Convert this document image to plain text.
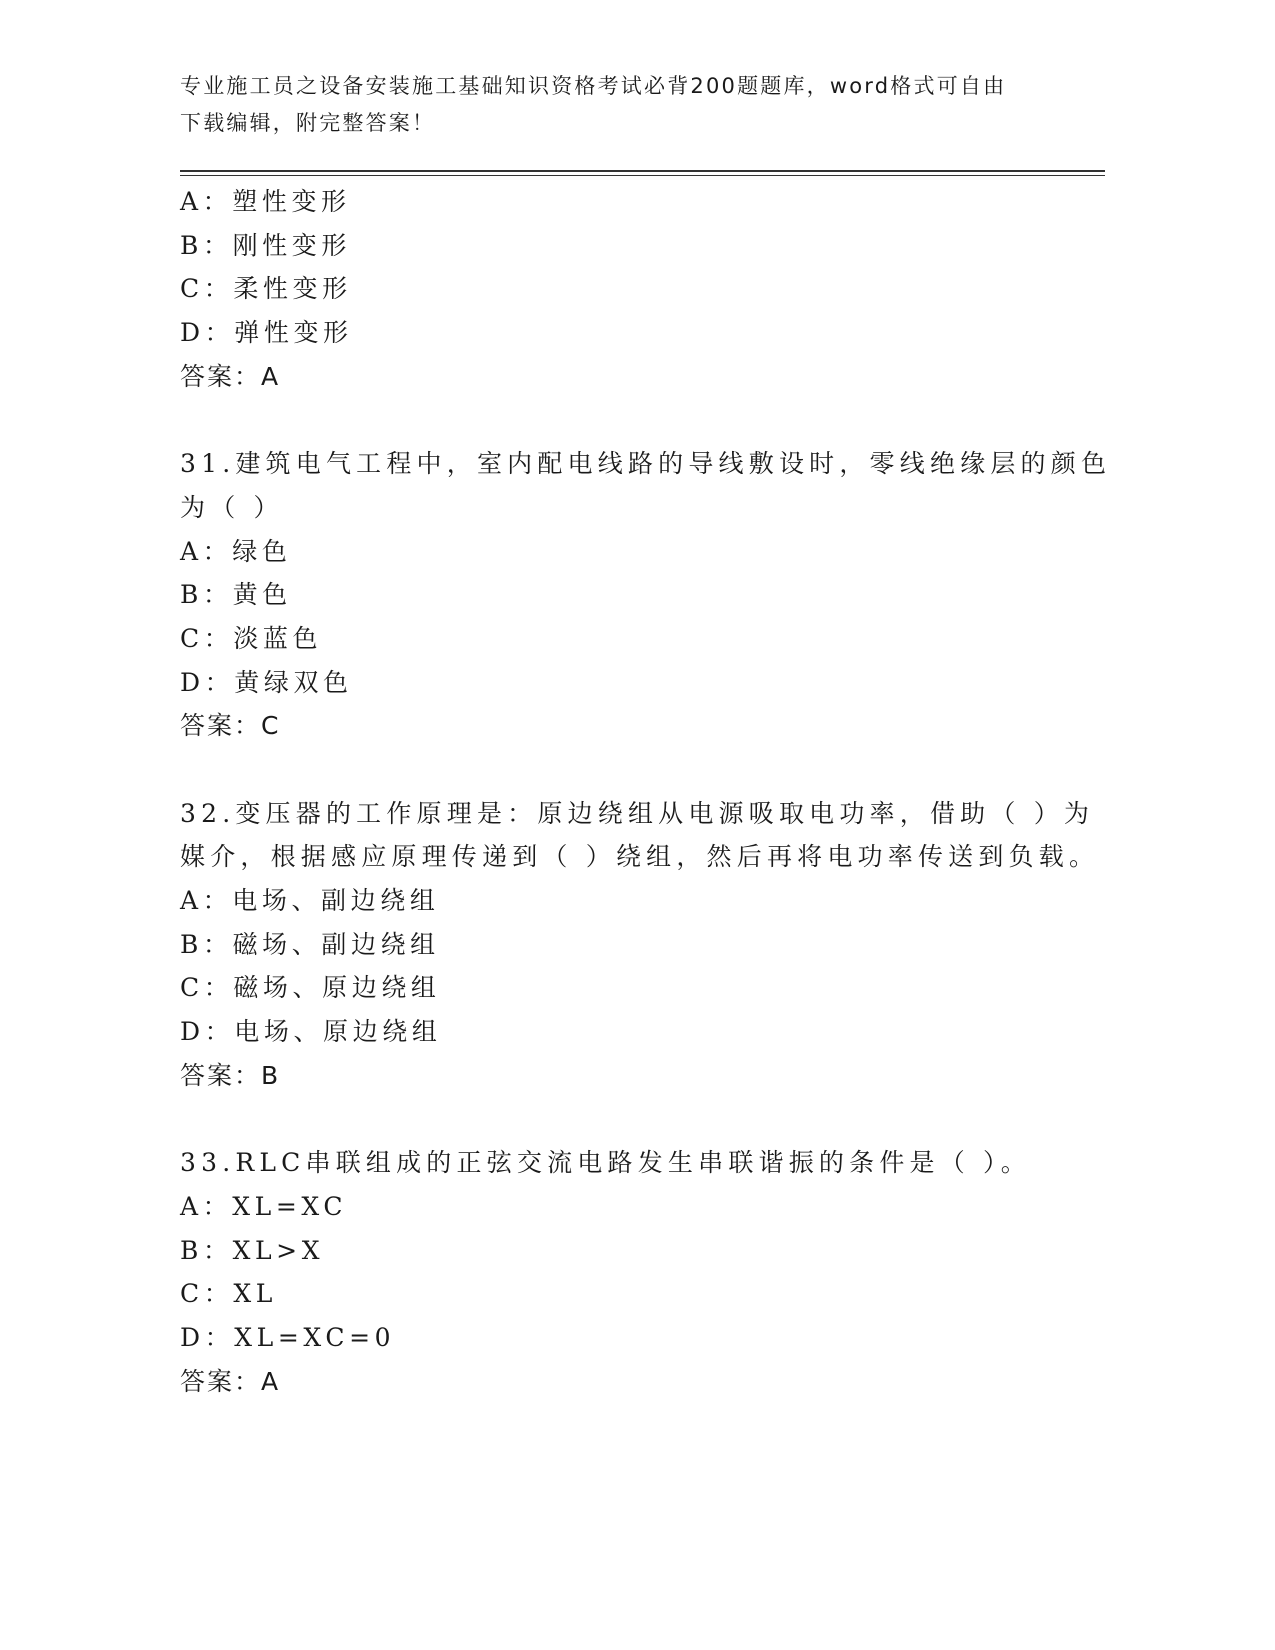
专业施工员之设备安装施工基础知识资格考试必背200题题库，word格式可自由
下载编辑，附完整答案！
A：塑性变形
B：刚性变形
C：柔性变形
D：弹性变形
答案：A
31.建筑电气工程中，室内配电线路的导线敷设时，零线绝缘层的颜色
为（ ）
A：绿色
B：黄色
C：淡蓝色
D：黄绿双色
答案：C
32.变压器的工作原理是：原边绕组从电源吸取电功率，借助（ ）为
媒介，根据感应原理传递到（ ）绕组，然后再将电功率传送到负载。
A：电场、副边绕组
B：磁场、副边绕组
C：磁场、原边绕组
D：电场、原边绕组
答案：B
33.RLC串联组成的正弦交流电路发生串联谐振的条件是（ ）。
A：XL=XC
B：XL>X
C：XL
D：XL=XC=0
答案：A
